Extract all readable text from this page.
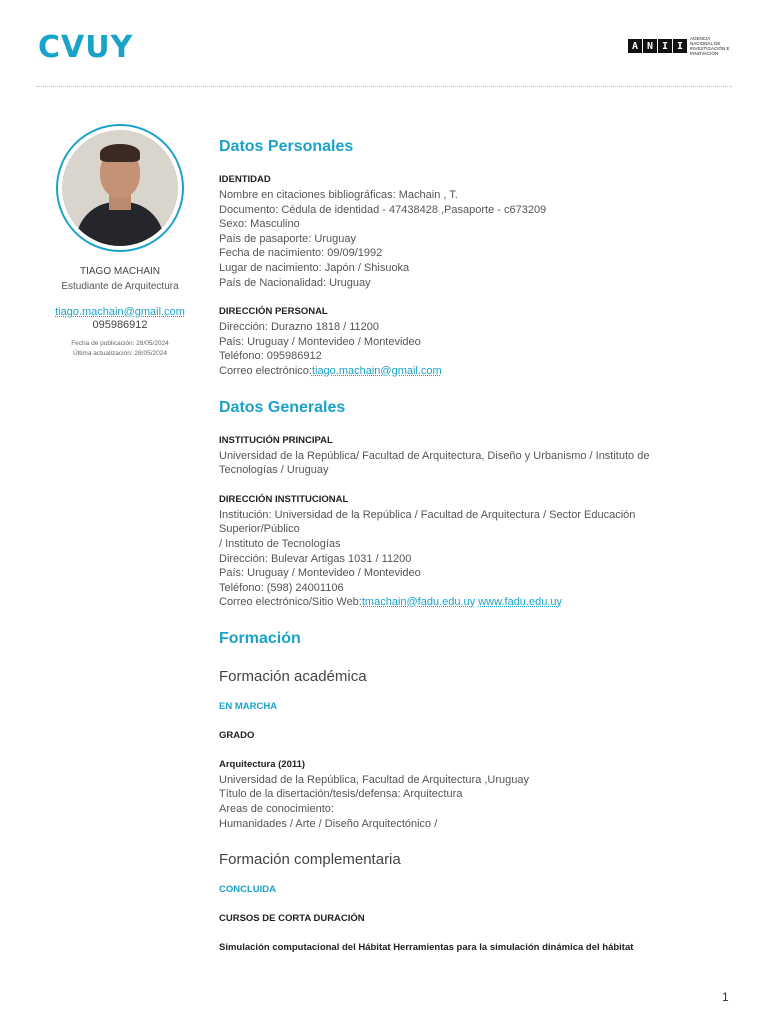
CVUY	A N I I
AGENCIA NACIONAL DE INVESTIGACIÓN E INNOVACIÓN
TIAGO MACHAIN
Estudiante de Arquitectura
tiago.machain@gmail.com
095986912
Fecha de publicación: 28/05/2024
Última actualización: 28/05/2024
Datos Personales
IDENTIDAD
Nombre en citaciones bibliográficas: Machain , T.
Documento: Cédula de identidad - 47438428 ,Pasaporte - c673209
Sexo: Masculino
País de pasaporte: Uruguay
Fecha de nacimiento: 09/09/1992
Lugar de nacimiento: Japón / Shisuoka
País de Nacionalidad: Uruguay
DIRECCIÓN PERSONAL
Dirección: Durazno 1818 / 11200
País: Uruguay / Montevideo / Montevideo
Teléfono: 095986912
Correo electrónico:tiago.machain@gmail.com
Datos Generales
INSTITUCIÓN PRINCIPAL
Universidad de la República/ Facultad de Arquitectura, Diseño y Urbanismo / Instituto de
Tecnologías / Uruguay
DIRECCIÓN INSTITUCIONAL
Institución: Universidad de la República / Facultad de Arquitectura / Sector Educación
Superior/Público
/ Instituto de Tecnologías
Dirección: Bulevar Artigas 1031 / 11200
País: Uruguay / Montevideo / Montevideo
Teléfono: (598) 24001106
Correo electrónico/Sitio Web:tmachain@fadu.edu.uy www.fadu.edu.uy
Formación
Formación académica
EN MARCHA
GRADO
Arquitectura (2011)
Universidad de la República, Facultad de Arquitectura ,Uruguay
Título de la disertación/tesis/defensa: Arquitectura
Areas de conocimiento:
Humanidades / Arte / Diseño Arquitectónico /
Formación complementaria
CONCLUIDA
CURSOS DE CORTA DURACIÓN
Simulación computacional del Hábitat Herramientas para la simulación dinámica del hábitat
1
